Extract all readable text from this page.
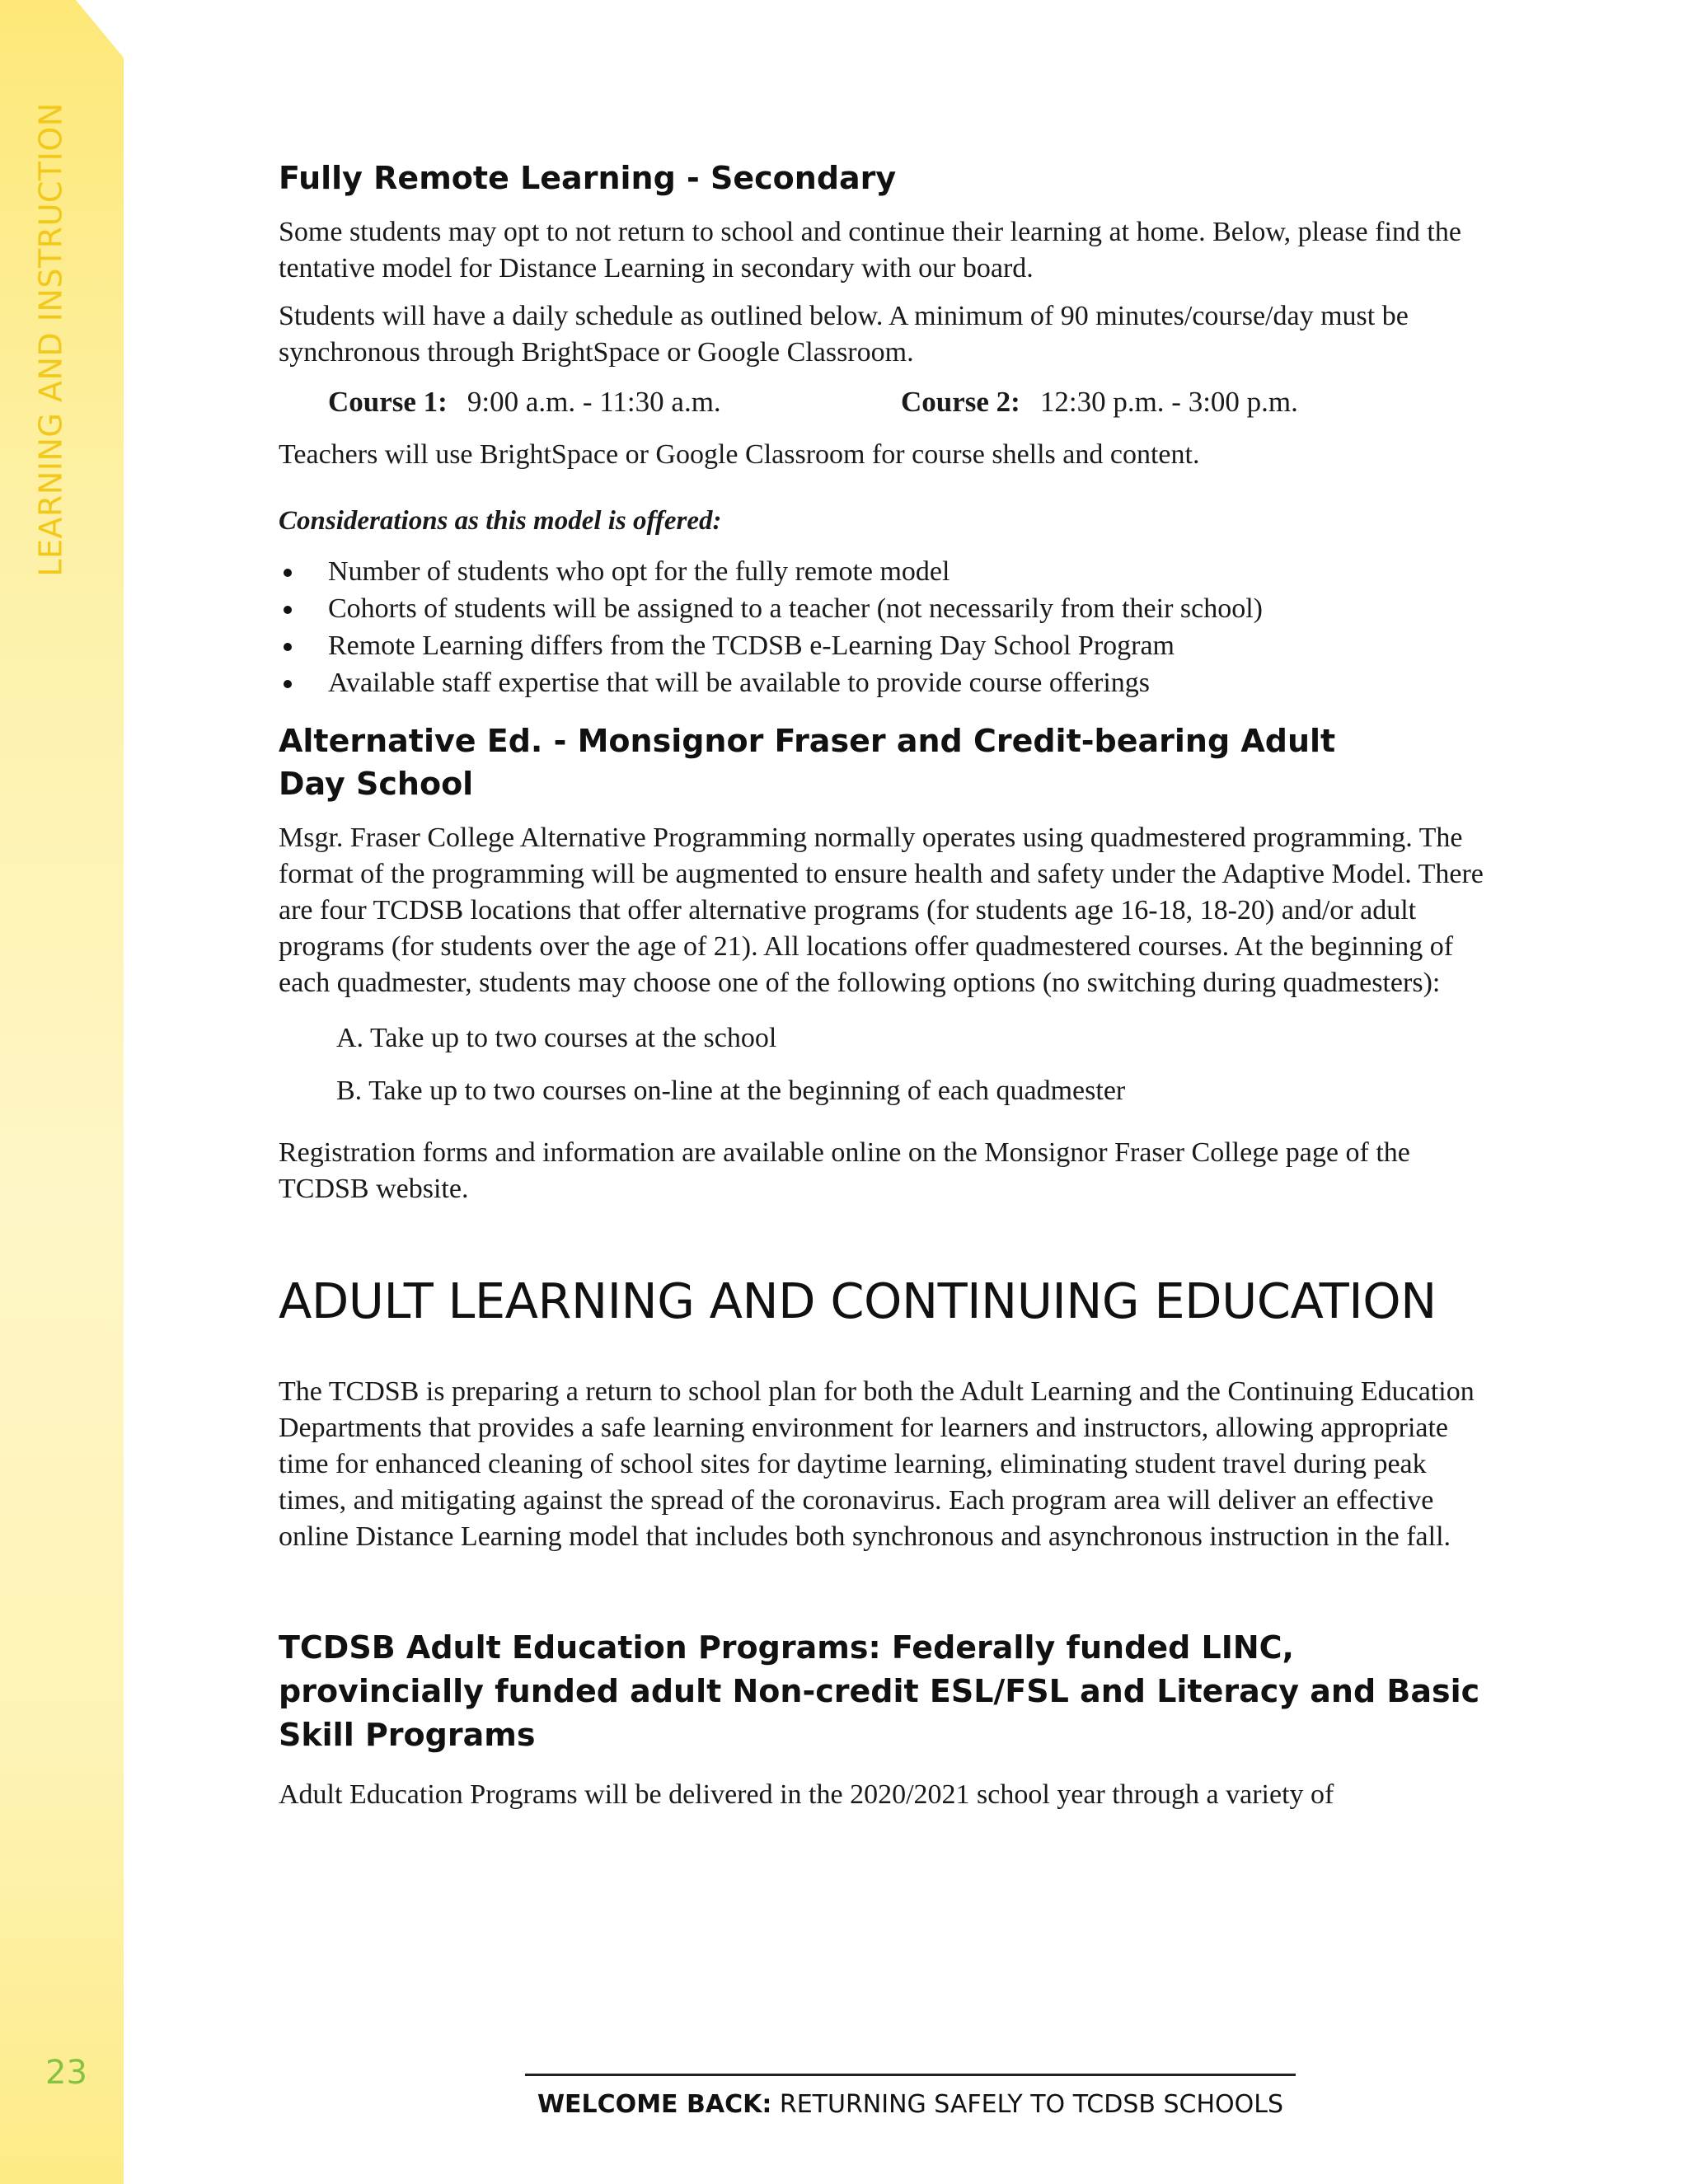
LEARNING AND INSTRUCTION
23
Fully Remote Learning - Secondary

Some students may opt to not return to school and continue their learning at home. Below, please find the tentative model for Distance Learning in secondary with our board.

Students will have a daily schedule as outlined below. A minimum of 90 minutes/course/day must be synchronous through BrightSpace or Google Classroom.

Course 1: 9:00 a.m. - 11:30 a.m.	Course 2: 12:30 p.m. - 3:00 p.m.

Teachers will use BrightSpace or Google Classroom for course shells and content.

Considerations as this model is offered:
Number of students who opt for the fully remote model
Cohorts of students will be assigned to a teacher (not necessarily from their school)
Remote Learning differs from the TCDSB e-Learning Day School Program
Available staff expertise that will be available to provide course offerings
Alternative Ed. - Monsignor Fraser and Credit-bearing Adult Day School

Msgr. Fraser College Alternative Programming normally operates using quadmestered programming. The format of the programming will be augmented to ensure health and safety under the Adaptive Model. There are four TCDSB locations that offer alternative programs (for students age 16-18, 18-20) and/or adult programs (for students over the age of 21). All locations offer quadmestered courses. At the beginning of each quadmester, students may choose one of the following options (no switching during quadmesters):

A. Take up to two courses at the school
B. Take up to two courses on-line at the beginning of each quadmester

Registration forms and information are available online on the Monsignor Fraser College page of the TCDSB website.

ADULT LEARNING AND CONTINUING EDUCATION

The TCDSB is preparing a return to school plan for both the Adult Learning and the Continuing Education Departments that provides a safe learning environment for learners and instructors, allowing appropriate time for enhanced cleaning of school sites for daytime learning, eliminating student travel during peak times, and mitigating against the spread of the coronavirus. Each program area will deliver an effective online Distance Learning model that includes both synchronous and asynchronous instruction in the fall.

TCDSB Adult Education Programs: Federally funded LINC, provincially funded adult Non-credit ESL/FSL and Literacy and Basic Skill Programs

Adult Education Programs will be delivered in the 2020/2021 school year through a variety of

WELCOME BACK: RETURNING SAFELY TO TCDSB SCHOOLS
